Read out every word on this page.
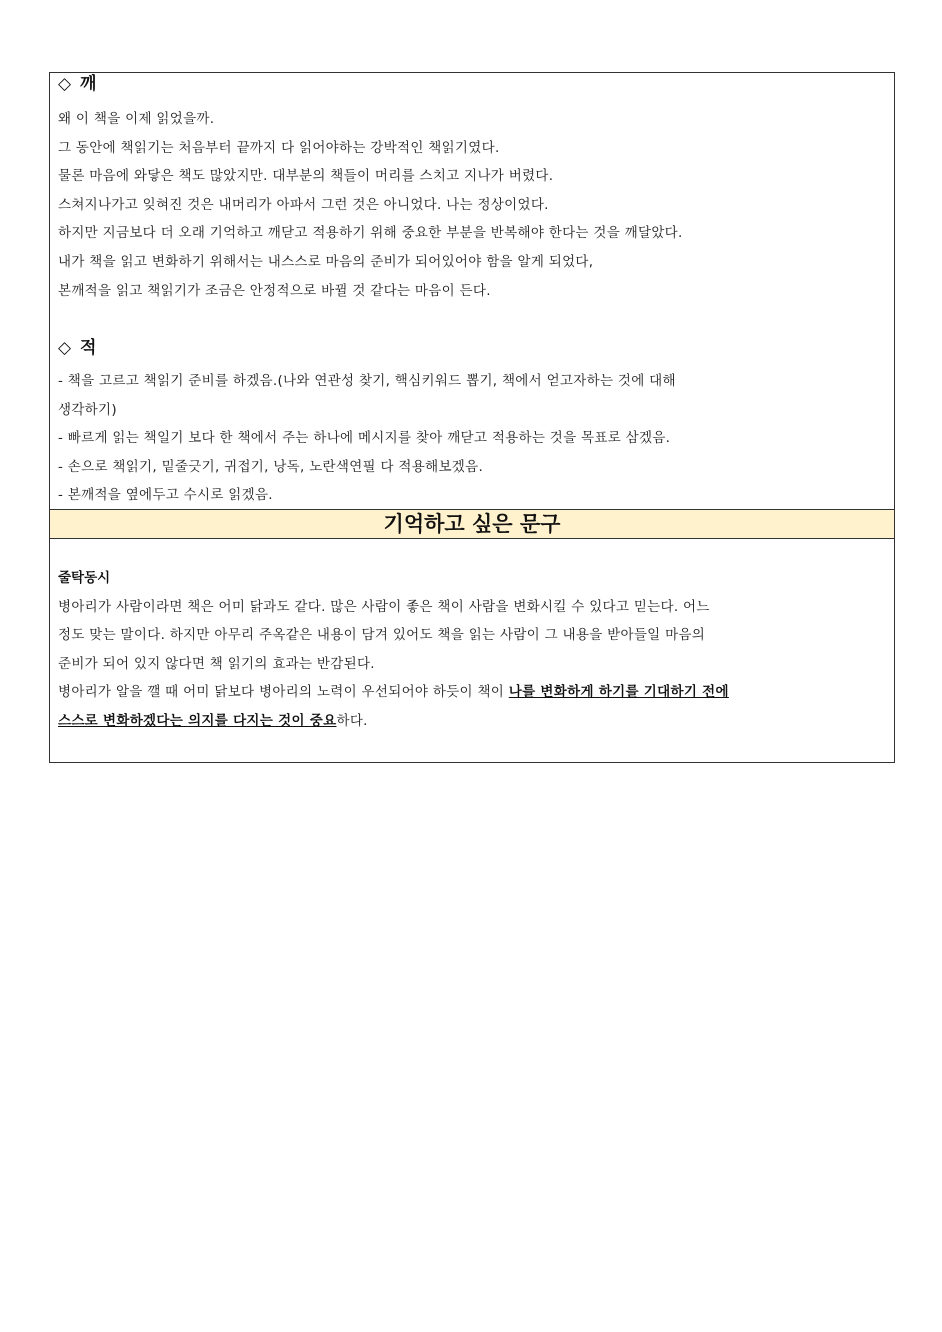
◇ 깨
왜 이 책을 이제 읽었을까.
그 동안에 책읽기는 처음부터 끝까지 다 읽어야하는 강박적인 책읽기였다.
물론 마음에 와닿은 책도 많았지만. 대부분의 책들이 머리를 스치고 지나가 버렸다.
스쳐지나가고 잊혀진 것은 내머리가 아파서 그런 것은 아니었다. 나는 정상이었다.
하지만 지금보다 더 오래 기억하고 깨닫고 적용하기 위해 중요한 부분을 반복해야 한다는 것을 깨달았다.
내가 책을 읽고 변화하기 위해서는 내스스로 마음의 준비가 되어있어야 함을 알게 되었다,
본깨적을 읽고 책읽기가 조금은 안정적으로 바뀔 것 같다는 마음이 든다.
◇ 적
- 책을 고르고 책읽기 준비를 하겠음.(나와 연관성 찾기, 핵심키워드 뽑기, 책에서 얻고자하는 것에 대해
생각하기)
- 빠르게 읽는 책일기 보다 한 책에서 주는 하나에 메시지를 찾아 깨닫고 적용하는 것을 목표로 삼겠음.
- 손으로 책읽기, 밑줄긋기, 귀접기, 낭독, 노란색연필 다 적용해보겠음.
- 본깨적을 옆에두고 수시로 읽겠음.
기억하고 싶은 문구
줄탁동시
병아리가 사람이라면 책은 어미 닭과도 같다. 많은 사람이 좋은 책이 사람을 변화시킬 수 있다고 믿는다. 어느
정도 맞는 말이다. 하지만 아무리 주옥같은 내용이 담겨 있어도 책을 읽는 사람이 그 내용을 받아들일 마음의
준비가 되어 있지 않다면 책 읽기의 효과는 반감된다.
병아리가 알을 깰 때 어미 닭보다 병아리의 노력이 우선되어야 하듯이 책이 나를 변화하게 하기를 기대하기 전에
스스로 변화하겠다는 의지를 다지는 것이 중요하다.
